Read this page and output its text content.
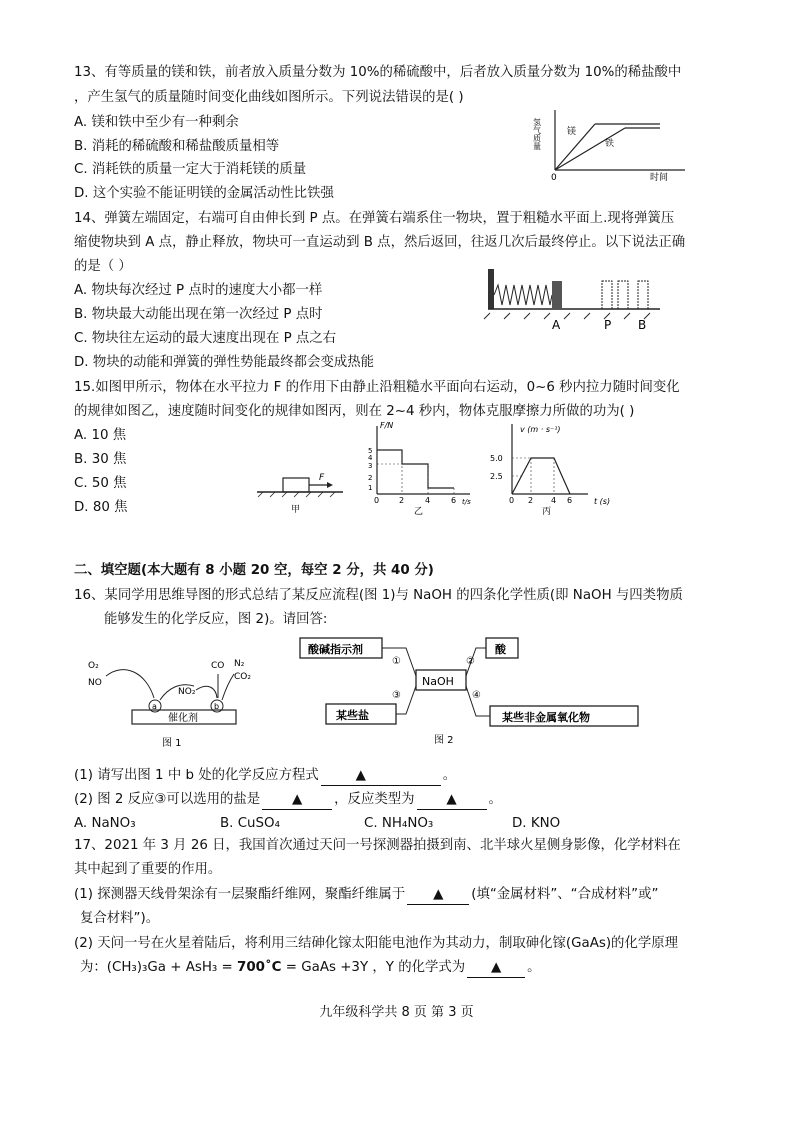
13、有等质量的镁和铁，前者放入质量分数为 10%的稀硫酸中，后者放入质量分数为 10%的稀盐酸中
，产生氢气的质量随时间变化曲线如图所示。下列说法错误的是( )
A. 镁和铁中至少有一种剩余
B. 消耗的稀硫酸和稀盐酸质量相等
C. 消耗铁的质量一定大于消耗镁的质量
D. 这个实验不能证明镁的金属活动性比铁强
氢气质量
0	时间
镁
铁
14、弹簧左端固定，右端可自由伸长到 P 点。在弹簧右端系住一物块，置于粗糙水平面上.现将弹簧压
缩使物块到 A 点，静止释放，物块可一直运动到 B 点，然后返回，往返几次后最终停止。以下说法正确
的是（ ）
A. 物块每次经过 P 点时的速度大小都一样
B. 物块最大动能出现在第一次经过 P 点时
C. 物块往左运动的最大速度出现在 P 点之右
D. 物块的动能和弹簧的弹性势能最终都会变成热能
A	P B
15.如图甲所示，物体在水平拉力 F 的作用下由静止沿粗糙水平面向右运动，0~6 秒内拉力随时间变化
的规律如图乙，速度随时间变化的规律如图丙，则在 2~4 秒内，物体克服摩擦力所做的功为( )
A. 10 焦
B. 30 焦
C. 50 焦
D. 80 焦
F
甲
F/N
5
4
3
2
1
0 2	4	6 t/s
乙
v (m · s⁻¹)
5.0
2.5
0 2 4 6	t (s)
丙
二、填空题(本大题有 8 小题 20 空，每空 2 分，共 40 分)
16、某同学用思维导图的形式总结了某反应流程(图 1)与 NaOH 的四条化学性质(即 NaOH 与四类物质
能够发生的化学反应，图 2)。请回答:
催化剂
a	b
O₂
NO
NO₂
CO N₂
CO₂
图 1
酸碱指示剂	酸
NaOH
某些盐	某些非金属氧化物
①	②
③	④
图 2
(1) 请写出图 1 中 b 处的化学反应方程式	▲	。
(2) 图 2 反应③可以选用的盐是 ▲ ，反应类型为 ▲ 。
A. NaNO₃	B. CuSO₄	C. NH₄NO₃	D. KNO
17、2021 年 3 月 26 日，我国首次通过天问一号探测器拍摄到南、北半球火星侧身影像，化学材料在
其中起到了重要的作用。
(1) 探测器天线骨架涂有一层聚酯纤维网，聚酯纤维属于 ▲ (填“金属材料”、“合成材料”或”
复合材料”)。
(2) 天问一号在火星着陆后，将利用三结砷化镓太阳能电池作为其动力，制取砷化镓(GaAs)的化学原理
为：(CH₃)₃Ga + AsH₃ = 700˚C = GaAs +3Y ，Y 的化学式为 ▲ 。
九年级科学共 8 页 第 3 页
